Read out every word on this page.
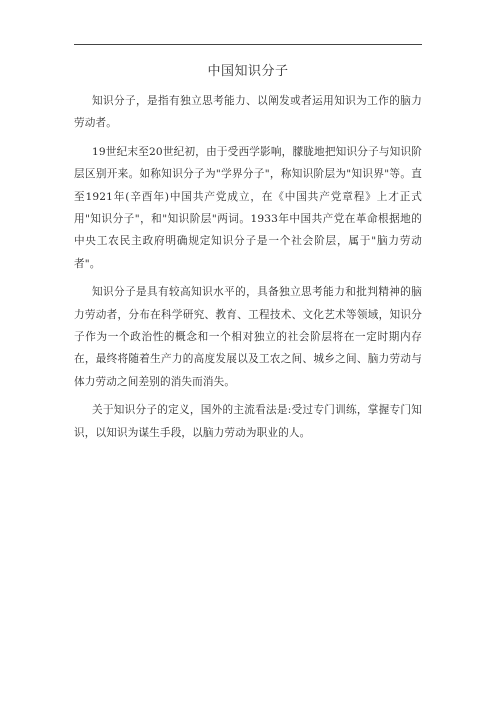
中国知识分子

知识分子，是指有独立思考能力、以阐发或者运用知识为工作的脑力劳动者。

19世纪末至20世纪初，由于受西学影响，朦胧地把知识分子与知识阶层区别开来。如称知识分子为"学界分子"，称知识阶层为"知识界"等。直至1921年(辛酉年)中国共产党成立，在《中国共产党章程》上才正式用"知识分子"，和"知识阶层"两词。1933年中国共产党在革命根据地的中央工农民主政府明确规定知识分子是一个社会阶层，属于"脑力劳动者"。

知识分子是具有较高知识水平的，具备独立思考能力和批判精神的脑力劳动者，分布在科学研究、教育、工程技术、文化艺术等领域，知识分子作为一个政治性的概念和一个相对独立的社会阶层将在一定时期内存在，最终将随着生产力的高度发展以及工农之间、城乡之间、脑力劳动与体力劳动之间差别的消失而消失。

关于知识分子的定义，国外的主流看法是:受过专门训练，掌握专门知识，以知识为谋生手段，以脑力劳动为职业的人。
